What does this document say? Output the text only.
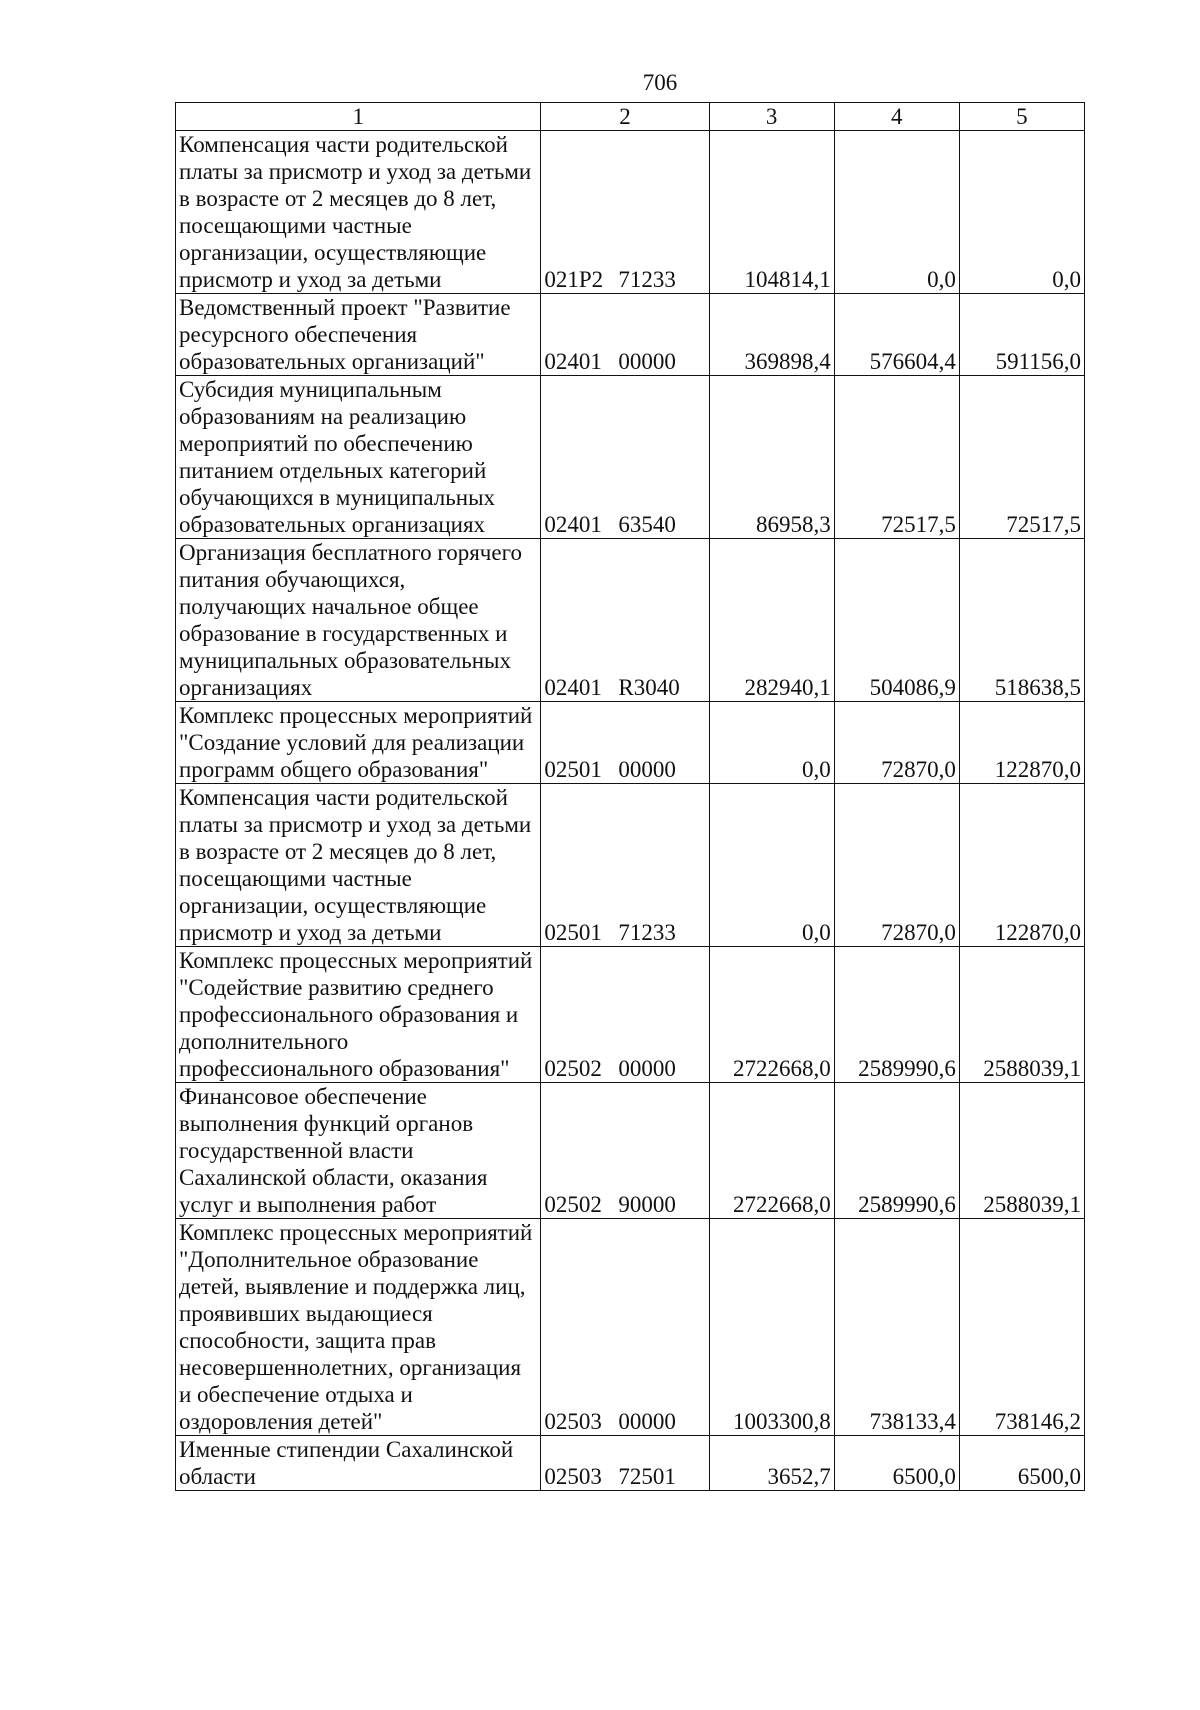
706
1	2	3	4	5
Компенсация части родительской платы за присмотр и уход за детьми в возрасте от 2 месяцев до 8 лет, посещающими частные организации, осуществляющие присмотр и уход за детьми	021P2 71233	104814,1	0,0	0,0
Ведомственный проект "Развитие ресурсного обеспечения образовательных организаций"	02401 00000	369898,4	576604,4	591156,0
Субсидия муниципальным образованиям на реализацию мероприятий по обеспечению питанием отдельных категорий обучающихся в муниципальных образовательных организациях	02401 63540	86958,3	72517,5	72517,5
Организация бесплатного горячего питания обучающихся, получающих начальное общее образование в государственных и муниципальных образовательных организациях	02401 R3040	282940,1	504086,9	518638,5
Комплекс процессных мероприятий "Создание условий для реализации программ общего образования"	02501 00000	0,0	72870,0	122870,0
Компенсация части родительской платы за присмотр и уход за детьми в возрасте от 2 месяцев до 8 лет, посещающими частные организации, осуществляющие присмотр и уход за детьми	02501 71233	0,0	72870,0	122870,0
Комплекс процессных мероприятий "Содействие развитию среднего профессионального образования и дополнительного профессионального образования"	02502 00000	2722668,0	2589990,6	2588039,1
Финансовое обеспечение выполнения функций органов государственной власти Сахалинской области, оказания услуг и выполнения работ	02502 90000	2722668,0	2589990,6	2588039,1
Комплекс процессных мероприятий "Дополнительное образование детей, выявление и поддержка лиц, проявивших выдающиеся способности, защита прав несовершеннолетних, организация и обеспечение отдыха и оздоровления детей"	02503 00000	1003300,8	738133,4	738146,2
Именные стипендии Сахалинской области	02503 72501	3652,7	6500,0	6500,0
